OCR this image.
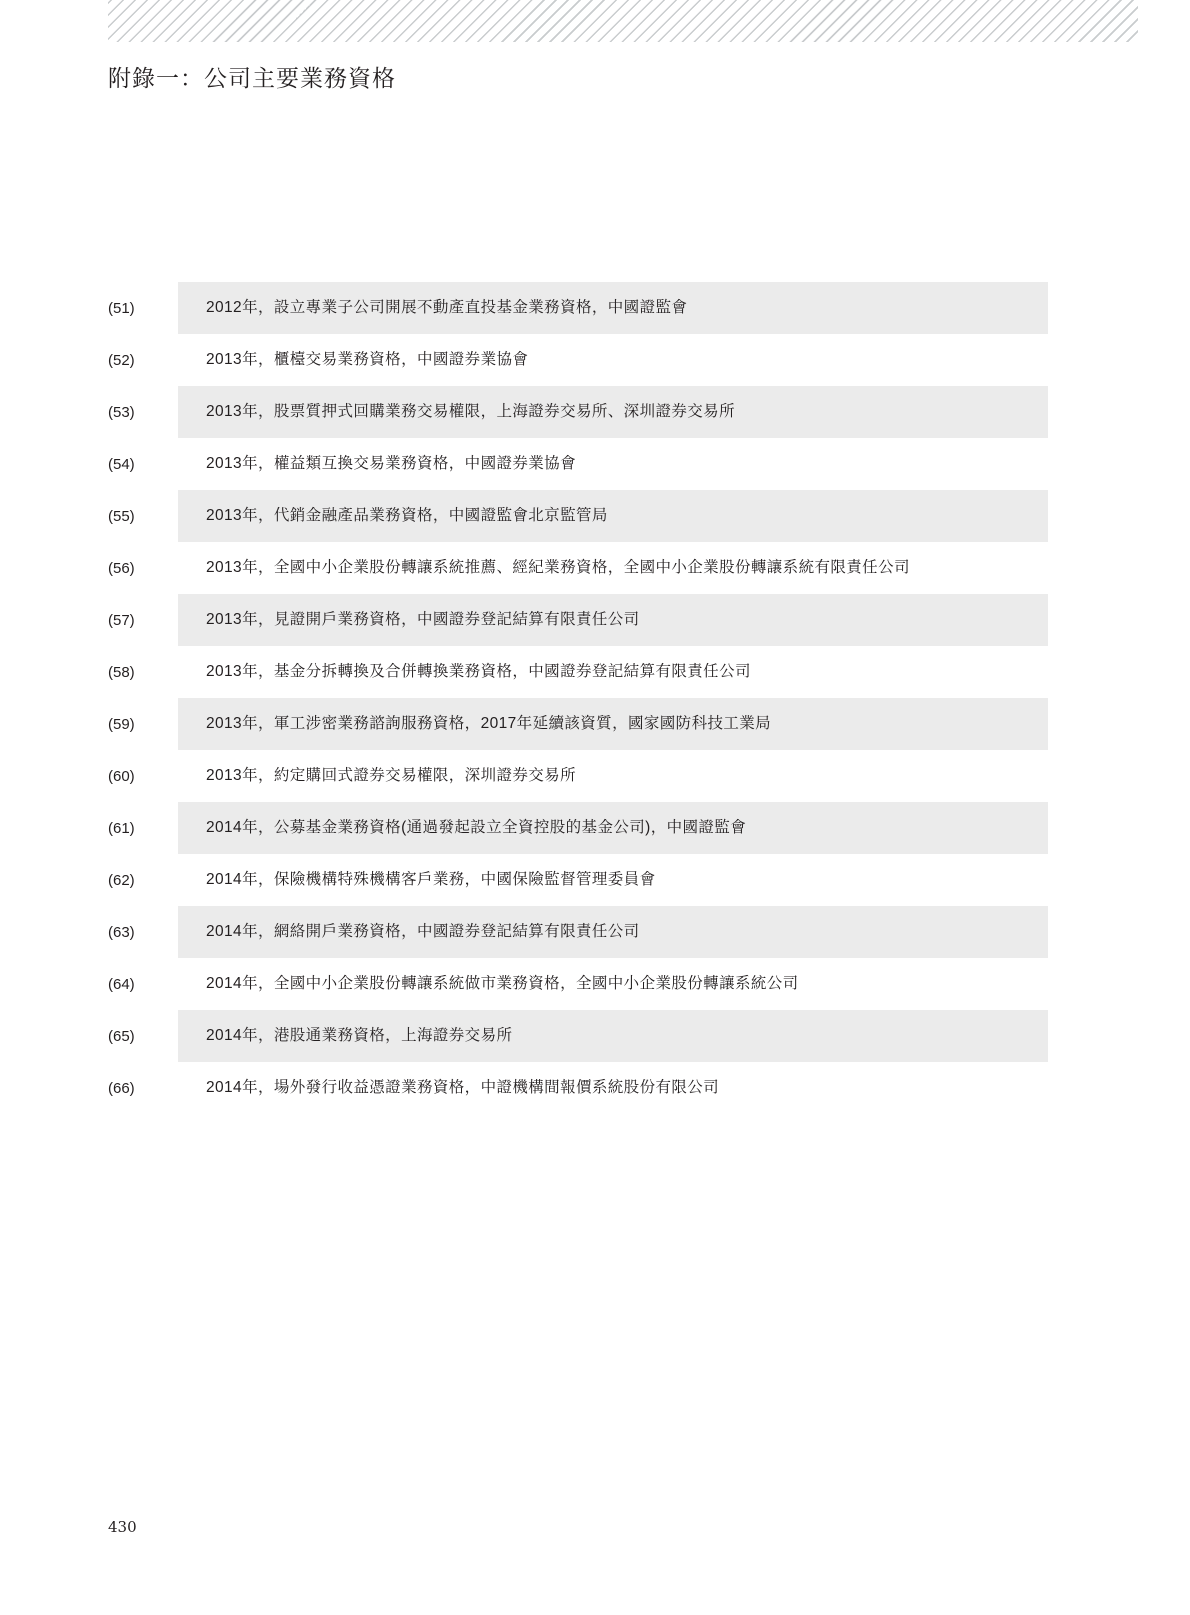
附錄一：公司主要業務資格
(51)	2012年，設立專業子公司開展不動產直投基金業務資格，中國證監會
(52)	2013年，櫃檯交易業務資格，中國證券業協會
(53)	2013年，股票質押式回購業務交易權限，上海證券交易所、深圳證券交易所
(54)	2013年，權益類互換交易業務資格，中國證券業協會
(55)	2013年，代銷金融產品業務資格，中國證監會北京監管局
(56)	2013年，全國中小企業股份轉讓系統推薦、經紀業務資格，全國中小企業股份轉讓系統有限責任公司
(57)	2013年，見證開戶業務資格，中國證券登記結算有限責任公司
(58)	2013年，基金分拆轉換及合併轉換業務資格，中國證券登記結算有限責任公司
(59)	2013年，軍工涉密業務諮詢服務資格，2017年延續該資質，國家國防科技工業局
(60)	2013年，約定購回式證券交易權限，深圳證券交易所
(61)	2014年，公募基金業務資格(通過發起設立全資控股的基金公司)，中國證監會
(62)	2014年，保險機構特殊機構客戶業務，中國保險監督管理委員會
(63)	2014年，網絡開戶業務資格，中國證券登記結算有限責任公司
(64)	2014年，全國中小企業股份轉讓系統做市業務資格，全國中小企業股份轉讓系統公司
(65)	2014年，港股通業務資格，上海證券交易所
(66)	2014年，場外發行收益憑證業務資格，中證機構間報價系統股份有限公司
430
